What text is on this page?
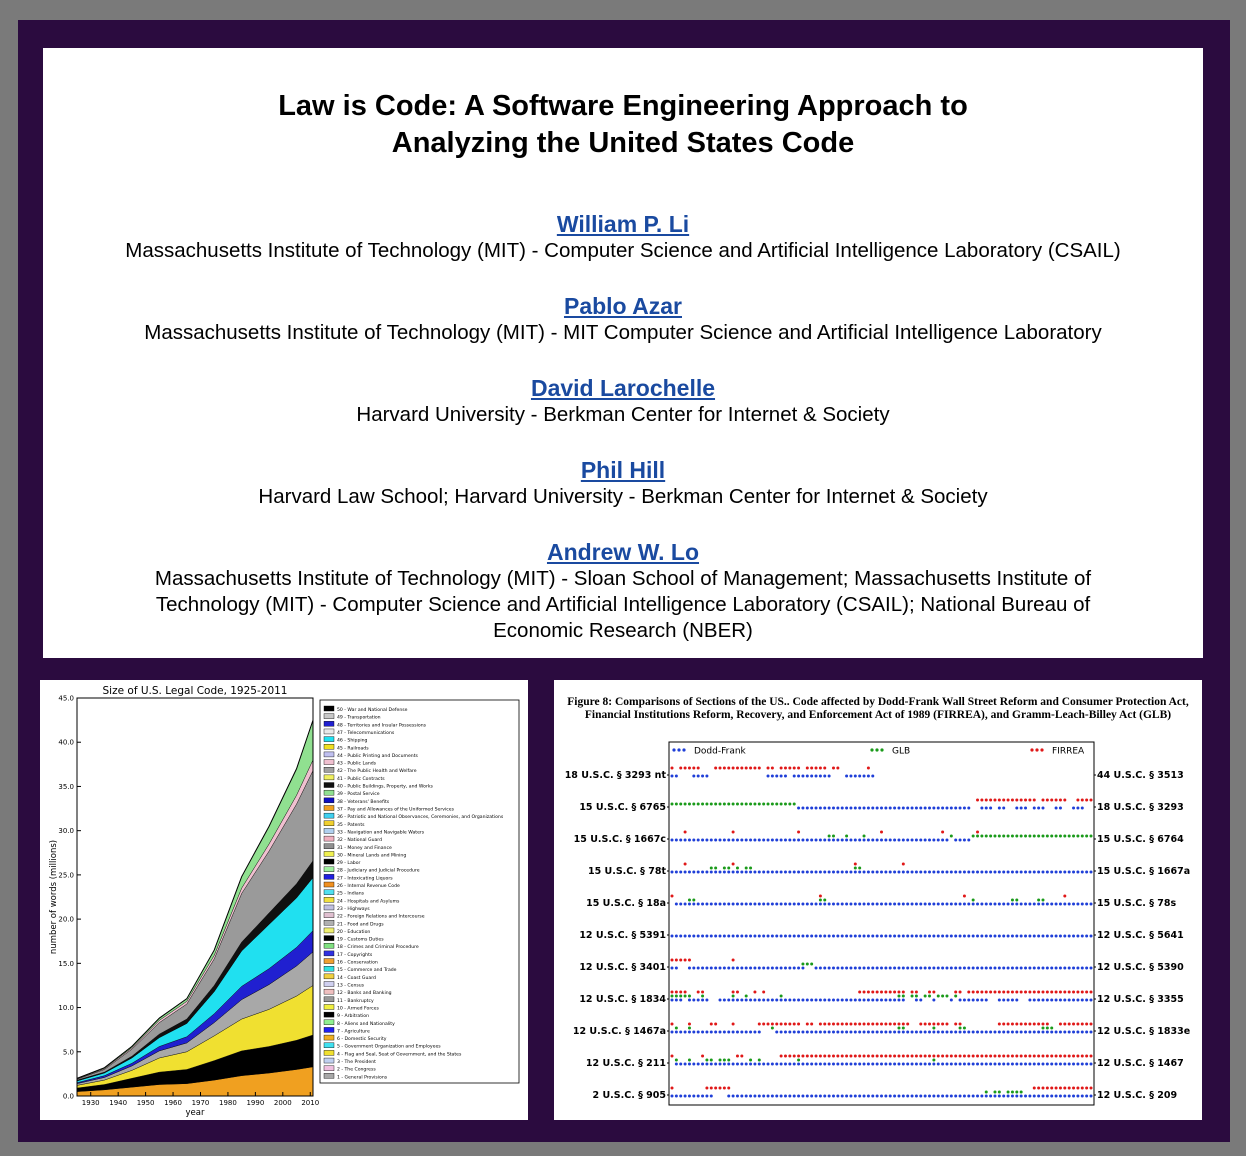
Law is Code: A Software Engineering Approach to
Analyzing the United States Code
William P. Li
Massachusetts Institute of Technology (MIT) - Computer Science and Artificial Intelligence Laboratory (CSAIL)
Pablo Azar
Massachusetts Institute of Technology (MIT) - MIT Computer Science and Artificial Intelligence Laboratory
David Larochelle
Harvard University - Berkman Center for Internet & Society
Phil Hill
Harvard Law School; Harvard University - Berkman Center for Internet & Society
Andrew W. Lo
Massachusetts Institute of Technology (MIT) - Sloan School of Management; Massachusetts Institute of Technology (MIT) - Computer Science and Artificial Intelligence Laboratory (CSAIL); National Bureau of Economic Research (NBER)
Size of U.S. Legal Code, 1925-2011
0.0
5.0
10.0
15.0
20.0
25.0
30.0
35.0
40.0
45.0
1930 1940 1950 1960 1970 1980 1990 2000 2010
year
number of words (millions)
50 - War and National Defense
49 - Transportation
48 - Territories and Insular Possessions
47 - Telecommunications
46 - Shipping
45 - Railroads
44 - Public Printing and Documents
43 - Public Lands
42 - The Public Health and Welfare
41 - Public Contracts
40 - Public Buildings, Property, and Works
39 - Postal Service
38 - Veterans' Benefits
37 - Pay and Allowances of the Uniformed Services
36 - Patriotic and National Observances, Ceremonies, and Organizations
35 - Patents
33 - Navigation and Navigable Waters
32 - National Guard
31 - Money and Finance
30 - Mineral Lands and Mining
29 - Labor
28 - Judiciary and Judicial Procedure
27 - Intoxicating Liquors
26 - Internal Revenue Code
25 - Indians
24 - Hospitals and Asylums
23 - Highways
22 - Foreign Relations and Intercourse
21 - Food and Drugs
20 - Education
19 - Customs Duties
18 - Crimes and Criminal Procedure
17 - Copyrights
16 - Conservation
15 - Commerce and Trade
14 - Coast Guard
13 - Census
12 - Banks and Banking
11 - Bankruptcy
10 - Armed Forces
9 - Arbitration
8 - Aliens and Nationality
7 - Agriculture
6 - Domestic Security
5 - Government Organization and Employees
4 - Flag and Seal, Seat of Government, and the States
3 - The President
2 - The Congress
1 - General Provisions
Figure 8: Comparisons of Sections of the US.. Code affected by Dodd-Frank Wall Street Reform and Consumer Protection Act, Financial Institutions Reform, Recovery, and Enforcement Act of 1989 (FIRREA), and Gramm-Leach-Billey Act (GLB)
Dodd-Frank	GLB	FIRREA
18 U.S.C. § 3293 nt	44 U.S.C. § 3513
15 U.S.C. § 6765	18 U.S.C. § 3293
15 U.S.C. § 1667c	15 U.S.C. § 6764
15 U.S.C. § 78t	15 U.S.C. § 1667a
15 U.S.C. § 18a	15 U.S.C. § 78s
12 U.S.C. § 5391	12 U.S.C. § 5641
12 U.S.C. § 3401	12 U.S.C. § 5390
12 U.S.C. § 1834	12 U.S.C. § 3355
12 U.S.C. § 1467a	12 U.S.C. § 1833e
12 U.S.C. § 211	12 U.S.C. § 1467
2 U.S.C. § 905	12 U.S.C. § 209
